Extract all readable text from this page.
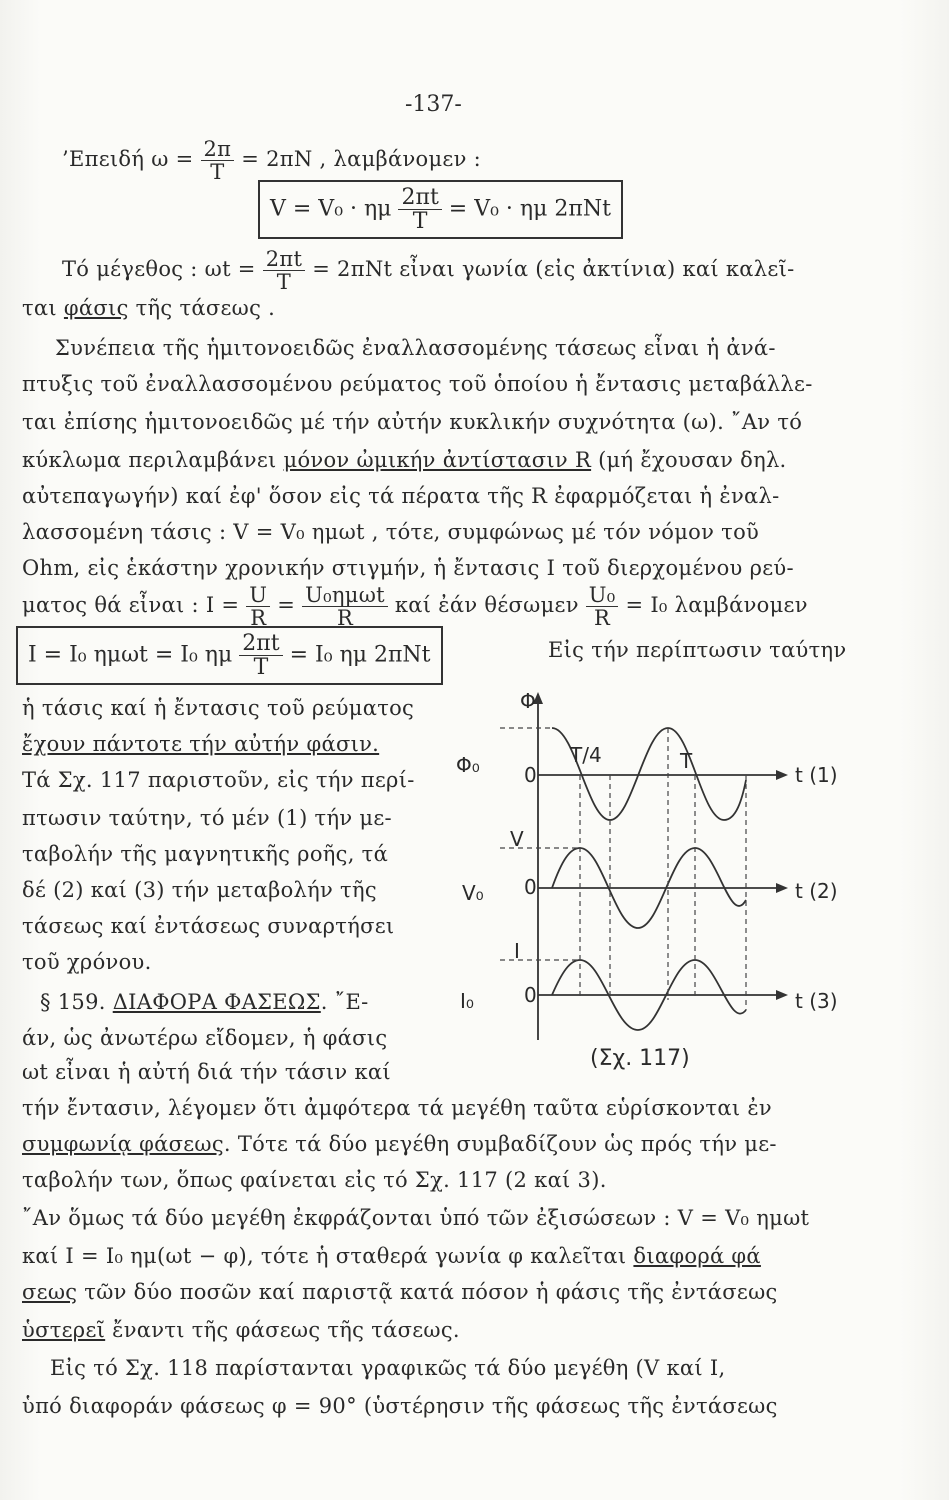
-137-
’Επειδή $\omega = \frac{2\pi}{T} = 2\pi N$ , λαμβάνομεν :
V = V₀ · ημ $\frac{2\pi t}{T} = V_0 \cdot \eta\mu$ 2πNt
Τό μέγεθος : $\omega t = \frac{2\pi t}{T} = 2\pi Nt$ εἶναι γωνία (εἰς ἀκτίνια) καί καλεῖ-
ται φάσις τῆς τάσεως .
Συνέπεια τῆς ἡμιτονοειδῶς ἐναλλασσομένης τάσεως εἶναι ἡ ἀνά-
πτυξις τοῦ ἐναλλασσομένου ρεύματος τοῦ ὁποίου ἡ ἔντασις μεταβάλλε-
ται ἐπίσης ἡμιτονοειδῶς μέ τήν αὐτήν κυκλικήν συχνότητα (ω). ῎Αν τό
κύκλωμα περιλαμβάνει μόνον ὠμικήν ἀντίστασιν R (μή ἔχουσαν δηλ.
αὐτεπαγωγήν) καί ἐφ' ὅσον εἰς τά πέρατα τῆς R ἐφαρμόζεται ἡ ἐναλ-
λασσομένη τάσις : V = V₀ ημωt , τότε, συμφώνως μέ τόν νόμον τοῦ
Ohm, εἰς ἑκάστην χρονικήν στιγμήν, ἡ ἔντασις I τοῦ διερχομένου ρεύ-
ματος θά εἶναι : $I = \frac{U}{R} = \frac{\text{U₀ημωt}}{R}$ καί ἐάν θέσωμεν $\frac{\text{U₀}}{R} = I_0$ λαμβάνομεν
I = I₀ ημωt = I₀ ημ $\frac{2\pi t}{T} = I_0$ ημ 2πNt	Εἰς τήν περίπτωσιν ταύτην
ἡ τάσις καί ἡ ἔντασις τοῦ ρεύματος
ἔχουν πάντοτε τήν αὐτήν φάσιν.
Τά Σχ. 117 παριστοῦν, εἰς τήν περί-
πτωσιν ταύτην, τό μέν (1) τήν με-
ταβολήν τῆς μαγνητικῆς ροῆς, τά
δέ (2) καί (3) τήν μεταβολήν τῆς
τάσεως καί ἐντάσεως συναρτήσει
τοῦ χρόνου.
§ 159. ΔΙΑΦΟΡΑ ΦΑΣΕΩΣ. ῎Ε-
άν, ὡς ἀνωτέρω εἴδομεν, ἡ φάσις
ωt εἶναι ἡ αὐτή διά τήν τάσιν καί
Φ
Φ₀ 0
T/4	T
t (1)
V
V₀ 0	t (2)
I
I₀	0	t (3)
(Σχ. 117)
τήν ἔντασιν, λέγομεν ὅτι ἀμφότερα τά μεγέθη ταῦτα εὑρίσκονται ἐν
συμφωνίᾳ φάσεως. Τότε τά δύο μεγέθη συμβαδίζουν ὡς πρός τήν με-
ταβολήν των, ὅπως φαίνεται εἰς τό Σχ. 117 (2 καί 3).
῎Αν ὅμως τά δύο μεγέθη ἐκφράζονται ὑπό τῶν ἐξισώσεων : V = V₀ ημωt
καί I = I₀ ημ(ωt − φ), τότε ἡ σταθερά γωνία φ καλεῖται διαφορά φά
σεως τῶν δύο ποσῶν καί παριστᾷ κατά πόσον ἡ φάσις τῆς ἐντάσεως
ὑστερεῖ ἔναντι τῆς φάσεως τῆς τάσεως.
Εἰς τό Σχ. 118 παρίστανται γραφικῶς τά δύο μεγέθη (V καί I,
ὑπό διαφοράν φάσεως φ = 90° (ὑστέρησιν τῆς φάσεως τῆς ἐντάσεως
